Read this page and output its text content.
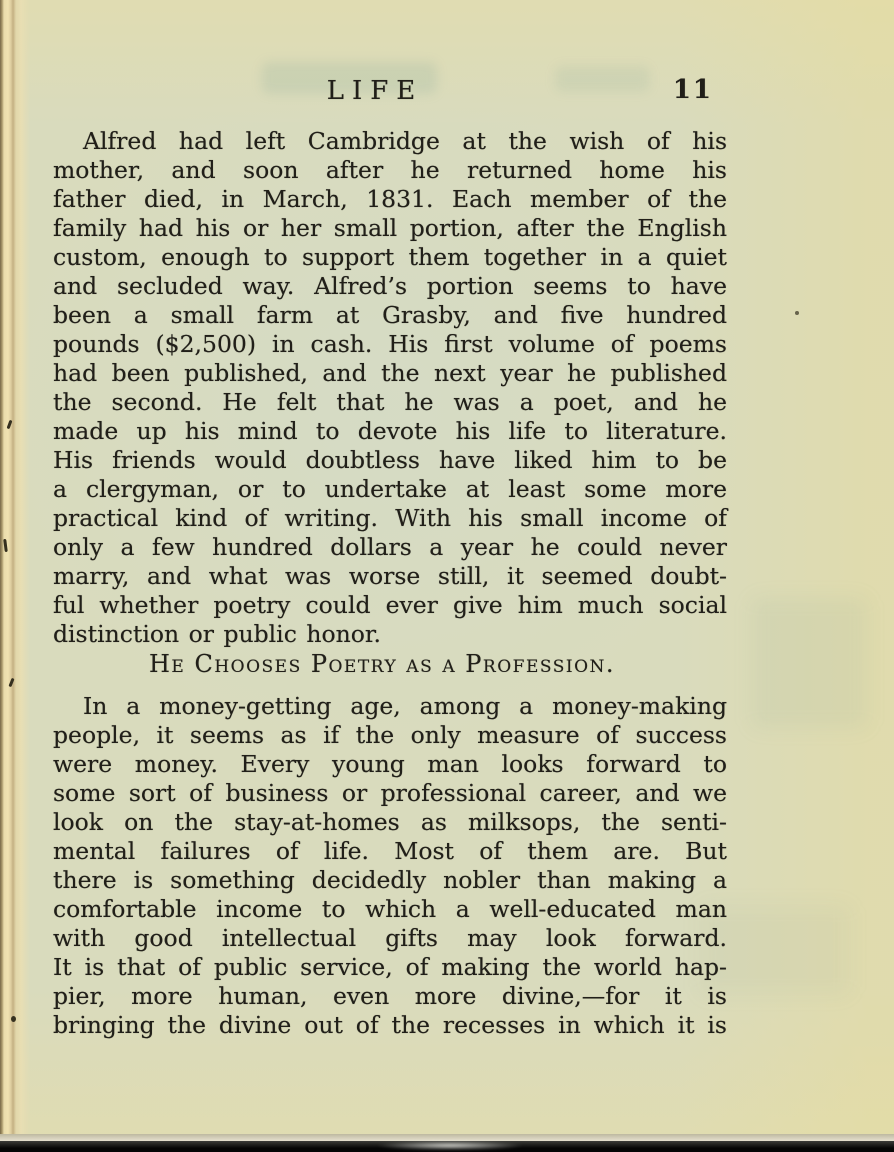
LIFE	11
Alfred had left Cambridge at the wish of his
mother, and soon after he returned home his
father died, in March, 1831. Each member of the
family had his or her small portion, after the English
custom, enough to support them together in a quiet
and secluded way. Alfred’s portion seems to have
been a small farm at Grasby, and five hundred
pounds ($2,500) in cash. His first volume of poems
had been published, and the next year he published
the second. He felt that he was a poet, and he
made up his mind to devote his life to literature.
His friends would doubtless have liked him to be
a clergyman, or to undertake at least some more
practical kind of writing. With his small income of
only a few hundred dollars a year he could never
marry, and what was worse still, it seemed doubt-
ful whether poetry could ever give him much social
distinction or public honor.
He Chooses Poetry as a Profession.
In a money-getting age, among a money-making
people, it seems as if the only measure of success
were money. Every young man looks forward to
some sort of business or professional career, and we
look on the stay-at-homes as milksops, the senti-
mental failures of life. Most of them are. But
there is something decidedly nobler than making a
comfortable income to which a well-educated man
with good intellectual gifts may look forward.
It is that of public service, of making the world hap-
pier, more human, even more divine,—for it is
bringing the divine out of the recesses in which it is
